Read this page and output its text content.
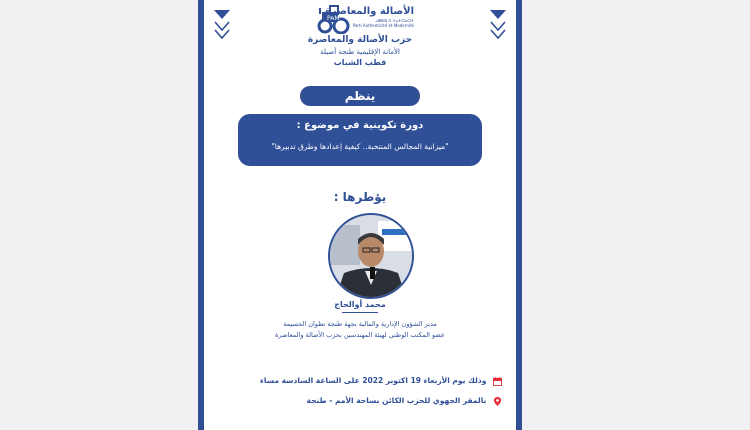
PAM
الأصالة والمعاصرة
ⴰⵥⵓⵕ ⴷ ⵜⴰⵜⵔⴰⵔⵜ
Parti Authenticité et Modernité
حزب الأصالة والمعاصرة
الأمانة الإقليمية طنجة أصيلة
قطب الشباب
ينظم
دورة تكوينية في موضوع :
"ميزانية المجالس المنتخبة.. كيفية إعدادها وطرق تدبيرها"
يؤطرها :
محمد أوالحاج
مدير الشؤون الإدارية والمالية بجهة طنجة تطوان الحسيمة
عضو المكتب الوطني لهيئة المهندسين بحزب الأصالة والمعاصرة
وذلك يوم الأربعاء 19 اكتوبر 2022 على الساعة السادسة مساء
بالمقر الجهوي للحزب الكائن بساحة الأمم - طنجة
